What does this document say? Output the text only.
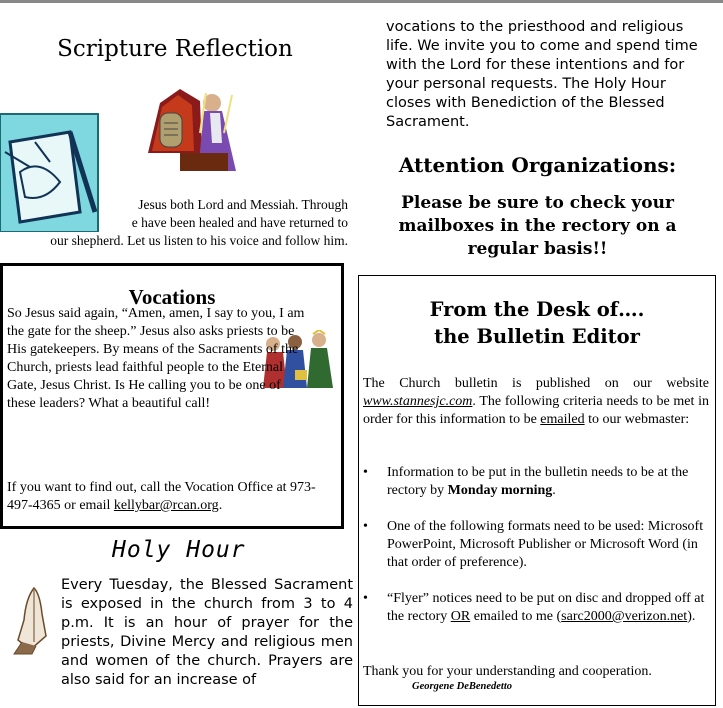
Scripture Reflection
Jesus both Lord and Messiah. Through
e have been healed and have returned to
our shepherd. Let us listen to his voice and follow him.
Vocations

So Jesus said again, “Amen, amen, I say to you, I am the gate for the sheep.” Jesus also asks priests to be His gatekeepers. By means of the Sacraments of the Church, priests lead faithful people to the Eternal Gate, Jesus Christ. Is He calling you to be one of these leaders? What a beautiful call!

If you want to find out, call the Vocation Office at 973-497-4365 or email kellybar@rcan.org.
Holy Hour
Every Tuesday, the Blessed Sacrament is exposed in the church from 3 to 4 p.m. It is an hour of prayer for the priests, Divine Mercy and religious men and women of the church. Prayers are also said for an increase of
vocations to the priesthood and religious life. We invite you to come and spend time with the Lord for these intentions and for your personal requests. The Holy Hour closes with Benediction of the Blessed Sacrament.
Attention Organizations:
Please be sure to check your mailboxes in the rectory on a regular basis!!
From the Desk of….
the Bulletin Editor
The Church bulletin is published on our website www.stannesjc.com. The following criteria needs to be met in order for this information to be emailed to our webmaster:
• Information to be put in the bulletin needs to be at the rectory by Monday morning.
• One of the following formats need to be used: Microsoft PowerPoint, Microsoft Publisher or Microsoft Word (in that order of preference).
• “Flyer” notices need to be put on disc and dropped off at the rectory OR emailed to me (sarc2000@verizon.net).
Thank you for your understanding and cooperation.
Georgene DeBenedetto
